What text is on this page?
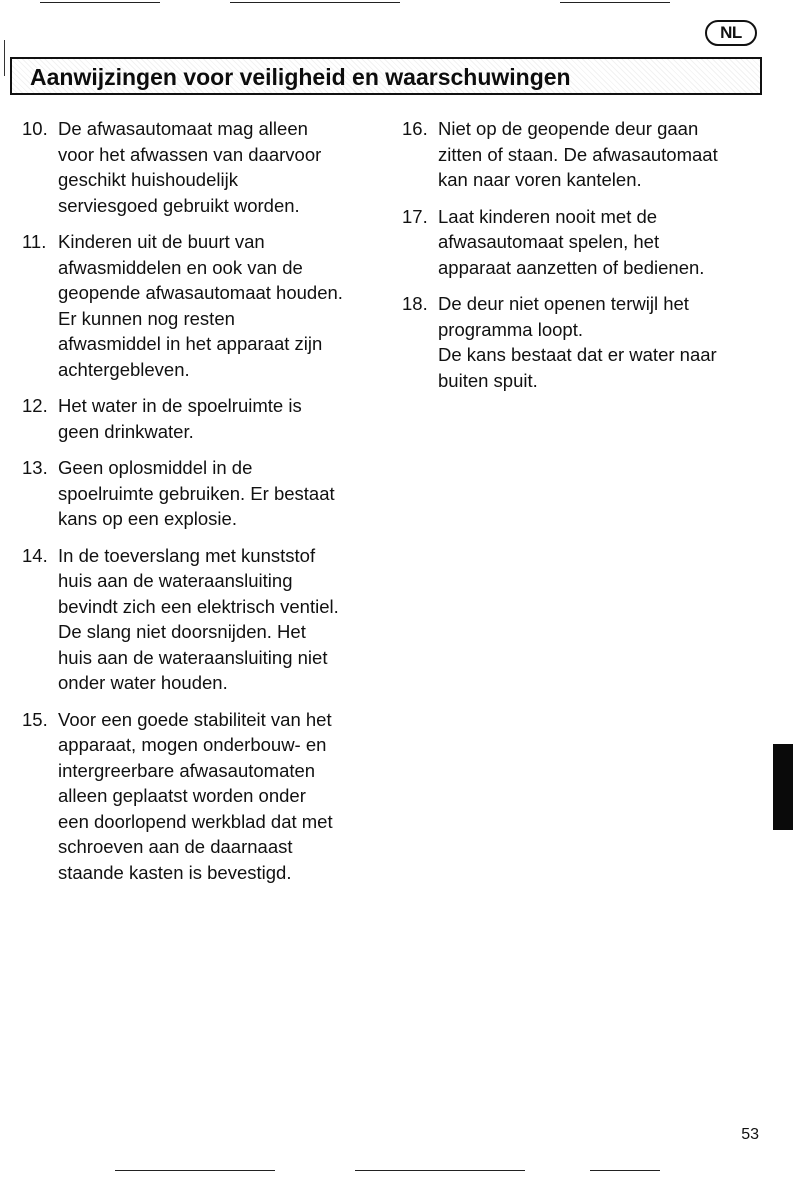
NL
Aanwijzingen voor veiligheid en waarschuwingen
10. De afwasautomaat mag alleen
voor het afwassen van daarvoor
geschikt huishoudelijk
serviesgoed gebruikt worden.
11. Kinderen uit de buurt van
afwasmiddelen en ook van de
geopende afwasautomaat houden.
Er kunnen nog resten
afwasmiddel in het apparaat zijn
achtergebleven.
12. Het water in de spoelruimte is
geen drinkwater.
13. Geen oplosmiddel in de
spoelruimte gebruiken. Er bestaat
kans op een explosie.
14. In de toeverslang met kunststof
huis aan de wateraansluiting
bevindt zich een elektrisch ventiel.
De slang niet doorsnijden. Het
huis aan de wateraansluiting niet
onder water houden.
15. Voor een goede stabiliteit van het
apparaat, mogen onderbouw- en
intergreerbare afwasautomaten
alleen geplaatst worden onder
een doorlopend werkblad dat met
schroeven aan de daarnaast
staande kasten is bevestigd.
16. Niet op de geopende deur gaan
zitten of staan. De afwasautomaat
kan naar voren kantelen.
17. Laat kinderen nooit met de
afwasautomaat spelen, het
apparaat aanzetten of bedienen.
18. De deur niet openen terwijl het
programma loopt.
De kans bestaat dat er water naar
buiten spuit.
53
